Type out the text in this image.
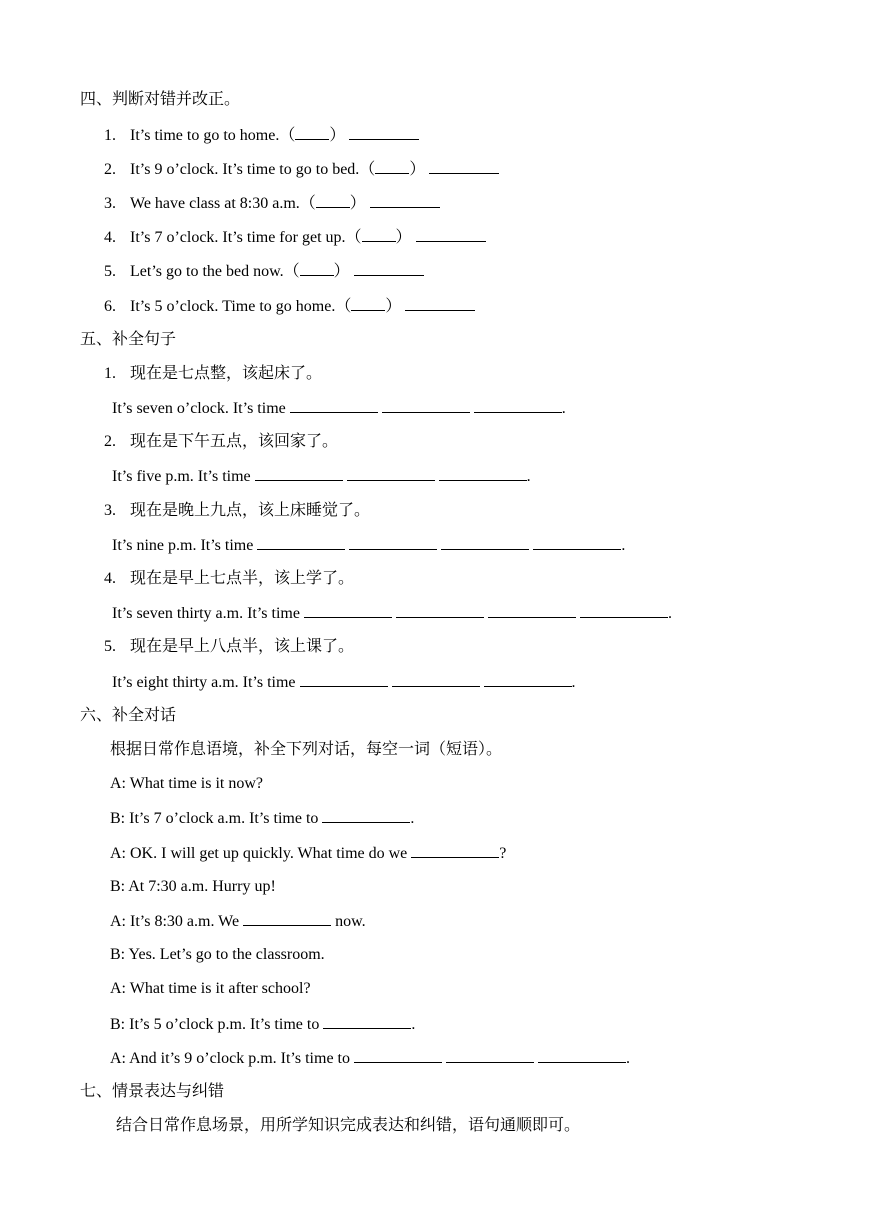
四、判断对错并改正。
1. It’s time to go to home.（ ）
2. It’s 9 o’clock. It’s time to go to bed.（ ）
3. We have class at 8:30 a.m.（ ）
4. It’s 7 o’clock. It’s time for get up.（ ）
5. Let’s go to the bed now.（ ）
6. It’s 5 o’clock. Time to go home.（ ）
五、补全句子
1. 现在是七点整，该起床了。
It’s seven o’clock. It’s time	.
2. 现在是下午五点，该回家了。
It’s five p.m. It’s time	.
3. 现在是晚上九点，该上床睡觉了。
It’s nine p.m. It’s time	.
4. 现在是早上七点半，该上学了。
It’s seven thirty a.m. It’s time	.
5. 现在是早上八点半，该上课了。
It’s eight thirty a.m. It’s time	.
六、补全对话
根据日常作息语境，补全下列对话，每空一词（短语）。
A: What time is it now?
B: It’s 7 o’clock a.m. It’s time to	.
A: OK. I will get up quickly. What time do we	?
B: At 7:30 a.m. Hurry up!
A: It’s 8:30 a.m. We	now.
B: Yes. Let’s go to the classroom.
A: What time is it after school?
B: It’s 5 o’clock p.m. It’s time to	.
A: And it’s 9 o’clock p.m. It’s time to	.
七、情景表达与纠错
结合日常作息场景，用所学知识完成表达和纠错，语句通顺即可。
